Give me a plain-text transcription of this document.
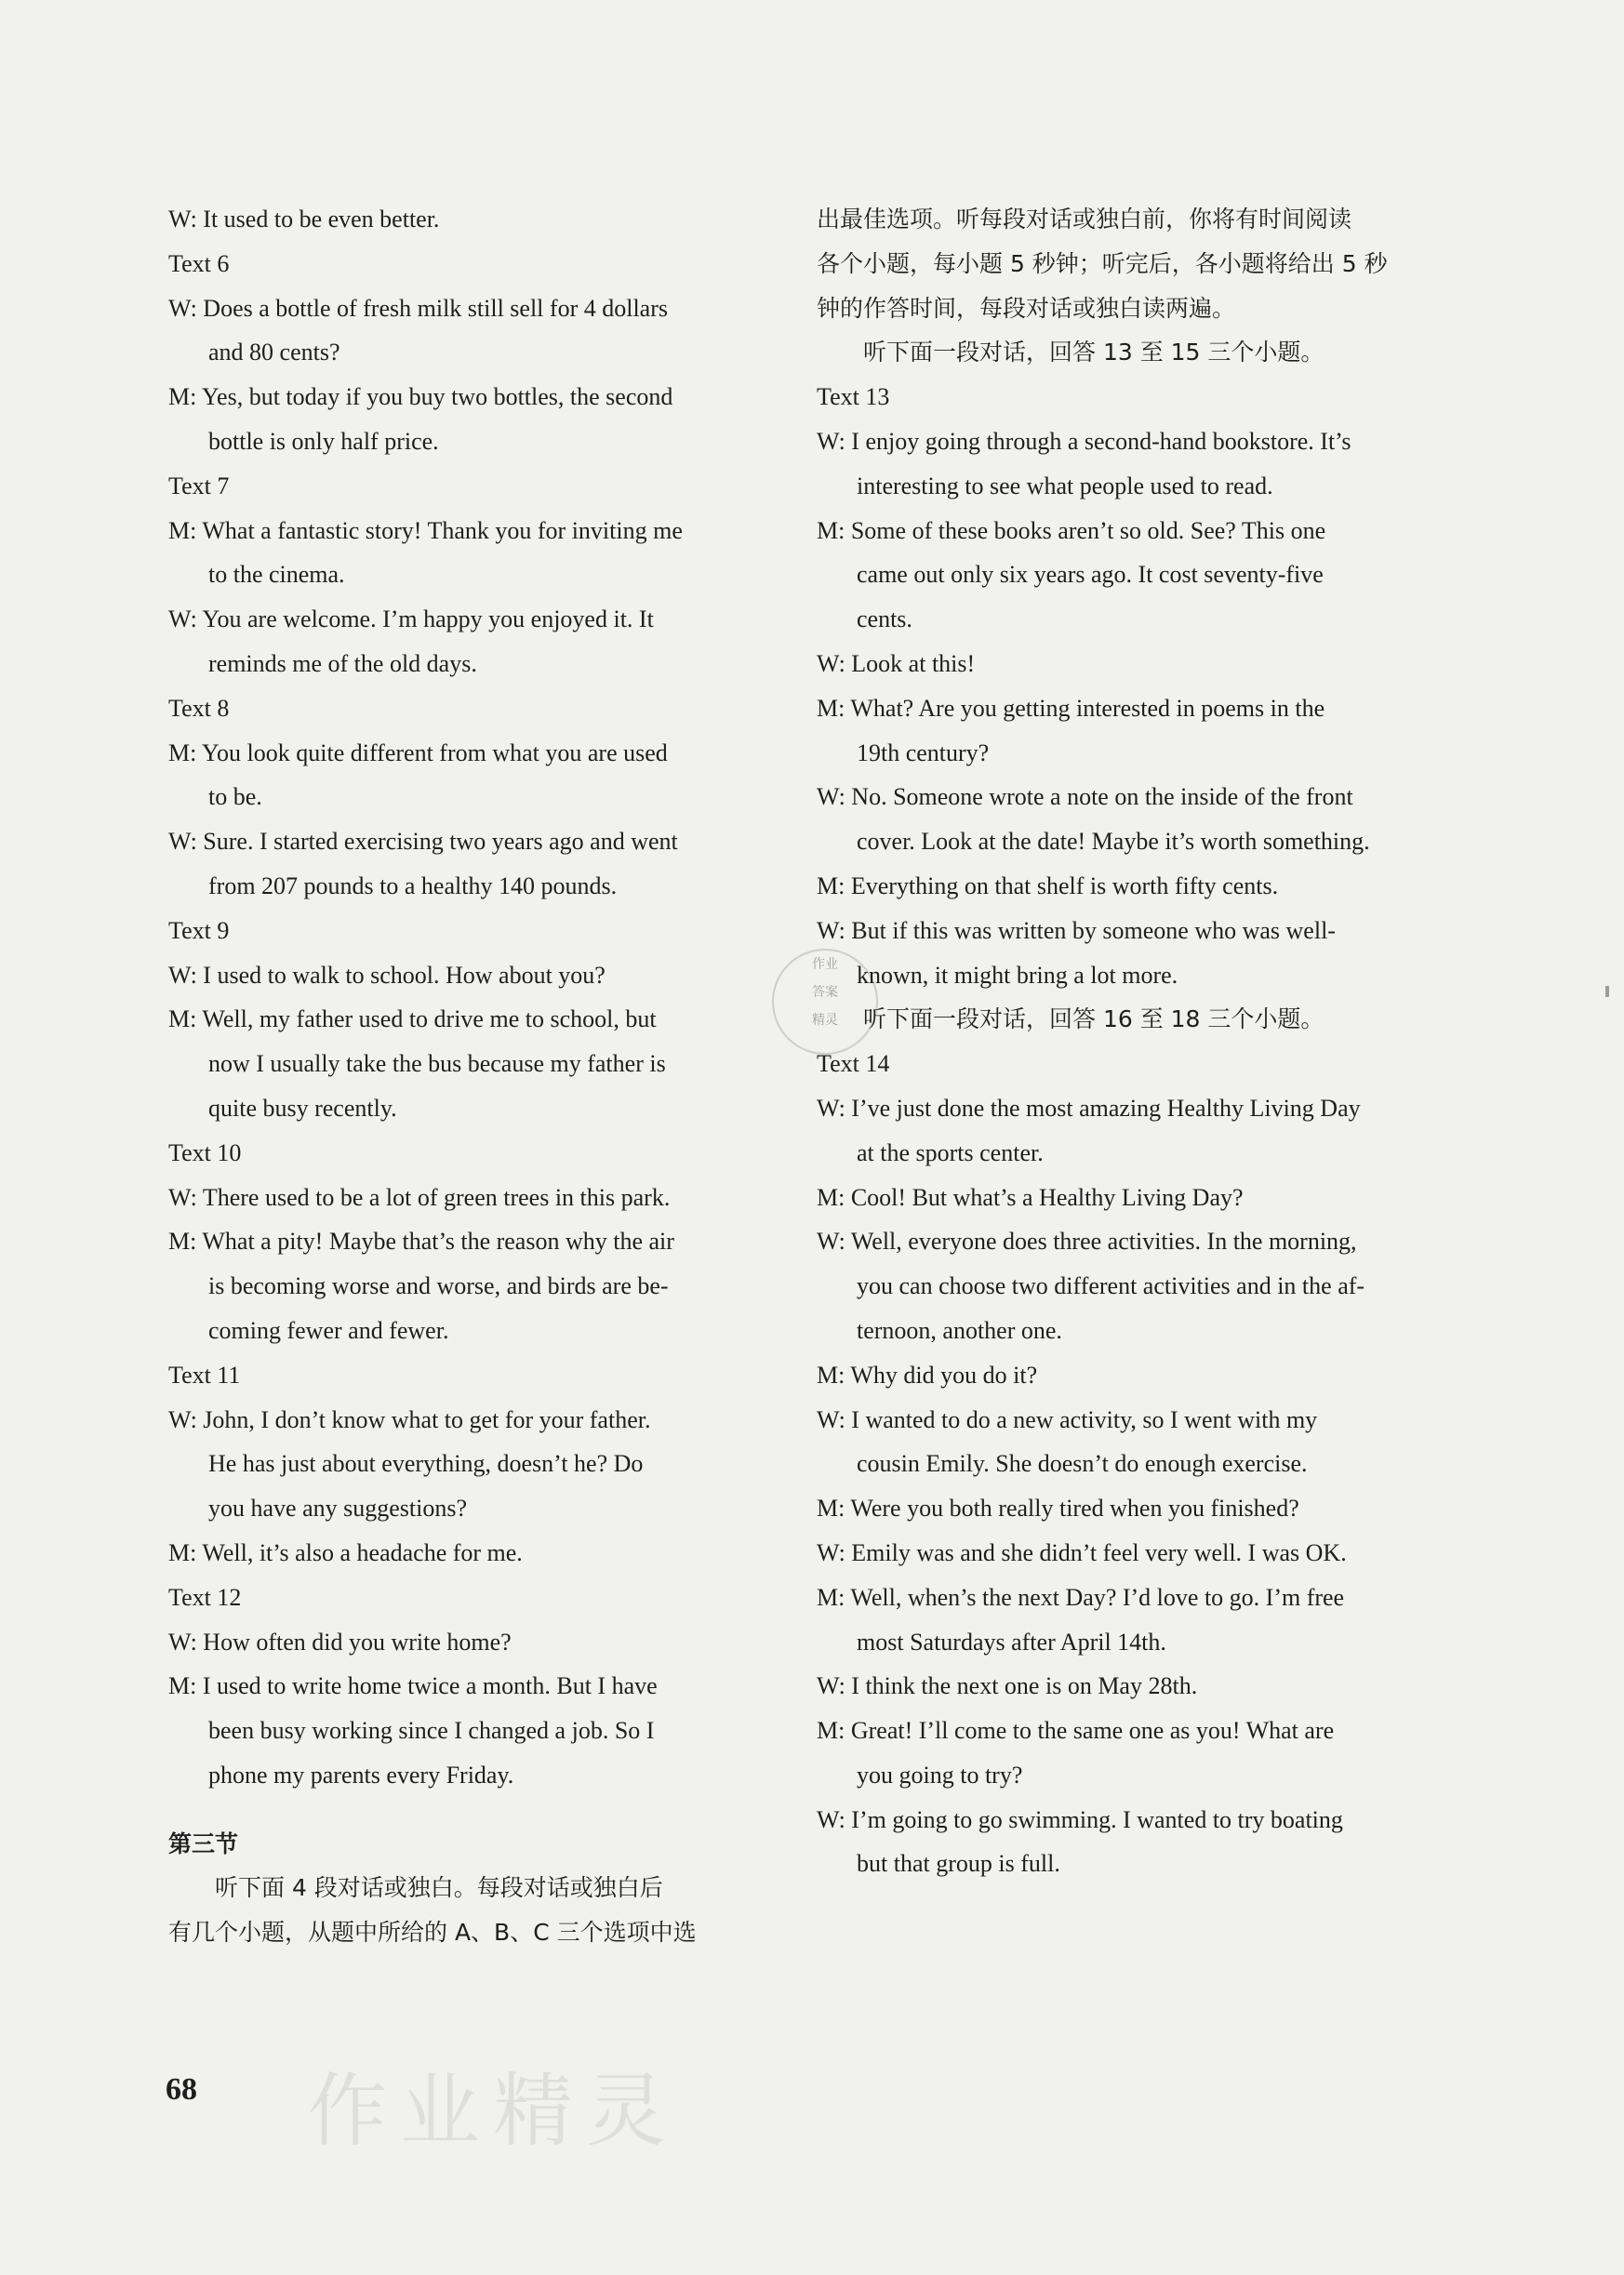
W: It used to be even better.

Text 6

W: Does a bottle of fresh milk still sell for 4 dollars

and 80 cents?

M: Yes, but today if you buy two bottles, the second

bottle is only half price.

Text 7

M: What a fantastic story! Thank you for inviting me

to the cinema.

W: You are welcome. I’m happy you enjoyed it. It

reminds me of the old days.

Text 8

M: You look quite different from what you are used

to be.

W: Sure. I started exercising two years ago and went

from 207 pounds to a healthy 140 pounds.

Text 9

W: I used to walk to school. How about you?

M: Well, my father used to drive me to school, but

now I usually take the bus because my father is

quite busy recently.

Text 10

W: There used to be a lot of green trees in this park.

M: What a pity! Maybe that’s the reason why the air

is becoming worse and worse, and birds are be-

coming fewer and fewer.

Text 11

W: John, I don’t know what to get for your father.

He has just about everything, doesn’t he? Do

you have any suggestions?

M: Well, it’s also a headache for me.

Text 12

W: How often did you write home?

M: I used to write home twice a month. But I have

been busy working since I changed a job. So I

phone my parents every Friday.

第三节

听下面 4 段对话或独白。每段对话或独白后

有几个小题，从题中所给的 A、B、C 三个选项中选

出最佳选项。听每段对话或独白前，你将有时间阅读

各个小题，每小题 5 秒钟；听完后，各小题将给出 5 秒

钟的作答时间，每段对话或独白读两遍。

听下面一段对话，回答 13 至 15 三个小题。

Text 13

W: I enjoy going through a second-hand bookstore. It’s

interesting to see what people used to read.

M: Some of these books aren’t so old. See? This one

came out only six years ago. It cost seventy-five

cents.

W: Look at this!

M: What? Are you getting interested in poems in the

19th century?

W: No. Someone wrote a note on the inside of the front

cover. Look at the date! Maybe it’s worth something.

M: Everything on that shelf is worth fifty cents.

W: But if this was written by someone who was well-

known, it might bring a lot more.

听下面一段对话，回答 16 至 18 三个小题。

Text 14

W: I’ve just done the most amazing Healthy Living Day

at the sports center.

M: Cool! But what’s a Healthy Living Day?

W: Well, everyone does three activities. In the morning,

you can choose two different activities and in the af-

ternoon, another one.

M: Why did you do it?

W: I wanted to do a new activity, so I went with my

cousin Emily. She doesn’t do enough exercise.

M: Were you both really tired when you finished?

W: Emily was and she didn’t feel very well. I was OK.

M: Well, when’s the next Day? I’d love to go. I’m free

most Saturdays after April 14th.

W: I think the next one is on May 28th.

M: Great! I’ll come to the same one as you! What are

you going to try?

W: I’m going to go swimming. I wanted to try boating

but that group is full.

作业
答案
精灵
作业精灵
68
